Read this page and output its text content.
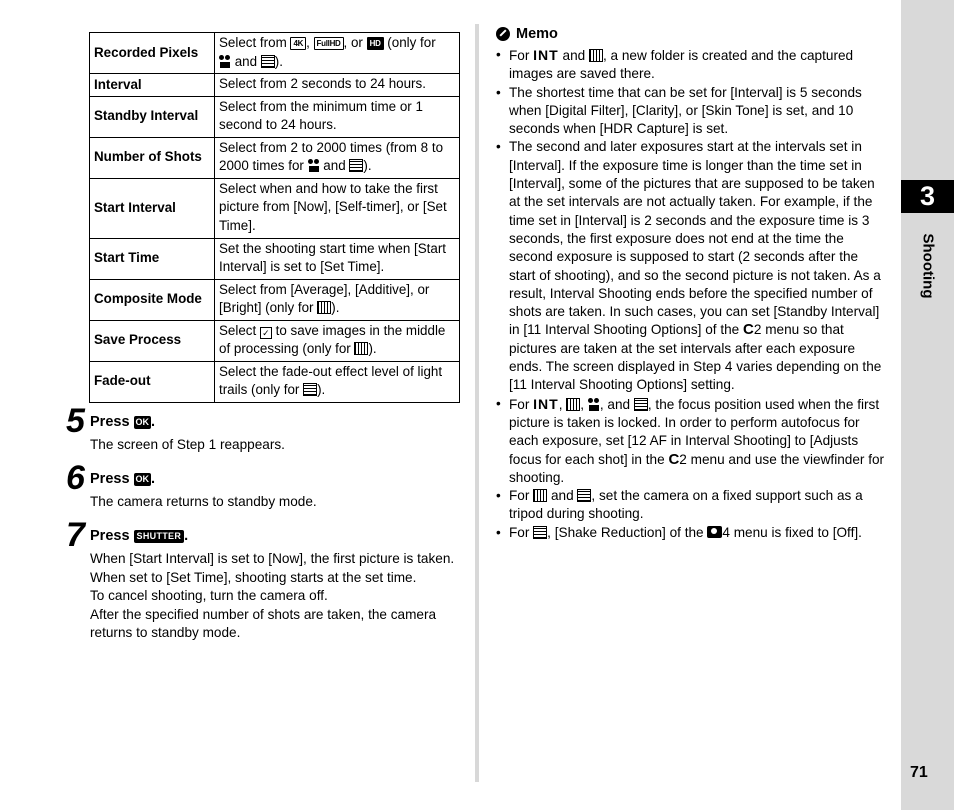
Recorded Pixels	Select from 4K , FullHD , or HD (only for

and ).
Interval	Select from 2 seconds to 24 hours.
Standby Interval	Select from the minimum time or 1 second to 24 hours.
Number of Shots	Select from 2 to 2000 times (from 8 to 2000 times for
and ).
Start Interval	Select when and how to take the first picture from [Now], [Self-timer], or [Set Time].
Start Time	Set the shooting start time when [Start Interval] is set to [Set Time].
Composite Mode	Select from [Average], [Additive], or [Bright] (only for ).
Save Process	Select ✓ to save images in the middle of processing (only for ).
Fade-out	Select the fade-out effect level of light trails (only for ).
5 Press OK .

The screen of Step 1 reappears.

6 Press OK .

The camera returns to standby mode.

7 Press SHUTTER .

When [Start Interval] is set to [Now], the first picture is taken. When set to [Set Time], shooting starts at the set time.

To cancel shooting, turn the camera off.

After the specified number of shots are taken, the camera returns to standby mode.

Memo
• For INT and , a new folder is created and the captured images are saved there.
• The shortest time that can be set for [Interval] is 5 seconds when [Digital Filter], [Clarity], or [Skin Tone] is set, and 10 seconds when [HDR Capture] is set.
• The second and later exposures start at the intervals set in [Interval]. If the exposure time is longer than the time set in [Interval], some of the pictures that are supposed to be taken at the set intervals are not actually taken. For example, if the time set in [Interval] is 2 seconds and the exposure time is 3 seconds, the first exposure does not end at the time the second exposure is supposed to start (2 seconds after the start of shooting), and so the second picture is not taken. As a result, Interval Shooting ends before the specified number of shots are taken. In such cases, you can set [Standby Interval] in [11 Interval Shooting Options] of the C2 menu so that pictures are taken at the set intervals after each exposure ends. The screen displayed in Step 4 varies depending on the [11 Interval Shooting Options] setting.
• For INT, ,
, and , the focus position used when the first picture is taken is locked. In order to perform autofocus for each exposure, set [12 AF in Interval Shooting] to [Adjusts focus for each shot] in the C2 menu and use the viewfinder for shooting.
• For  and , set the camera on a fixed support such as a tripod during shooting.
• For , [Shake Reduction] of the 4 menu is fixed to [Off].
3
Shooting
71
